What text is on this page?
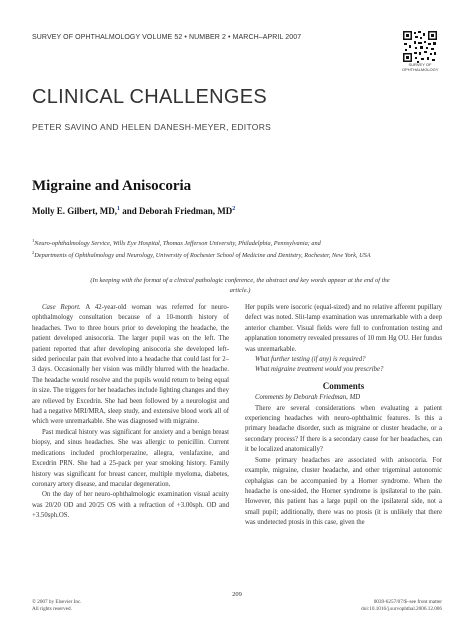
SURVEY OF OPHTHALMOLOGY VOLUME 52 • NUMBER 2 • MARCH–APRIL 2007
SURVEY OF OPHTHALMOLOGY
CLINICAL CHALLENGES
PETER SAVINO AND HELEN DANESH-MEYER, EDITORS
Migraine and Anisocoria
Molly E. Gilbert, MD,$^1$ and Deborah Friedman, $MD^2$
$^1$Neuro-ophthalmology Service, Wills Eye Hospital, Thomas Jefferson University, Philadelphia, Pennsylvania; and
$^2$Departments of Ophthalmology and Neurology, University of Rochester School of Medicine and Dentistry, Rochester, New York, USA
(In keeping with the format of a clinical pathologic conference, the abstract and key words appear at the end of the article.)

Case Report. A 42-year-old woman was referred for neuro-ophthalmology consultation because of a 10-month history of headaches. Two to three hours prior to developing the headache, the patient developed anisocoria. The larger pupil was on the left. The patient reported that after developing anisocoria she developed left-sided periocular pain that evolved into a headache that could last for 2–3 days. Occasionally her vision was mildly blurred with the headache. The headache would resolve and the pupils would return to being equal in size. The triggers for her headaches include lighting changes and they are relieved by Excedrin. She had been followed by a neurologist and had a negative MRI/MRA, sleep study, and extensive blood work all of which were unremarkable. She was diagnosed with migraine.

Past medical history was significant for anxiety and a benign breast biopsy, and sinus headaches. She was allergic to penicillin. Current medications included prochlorperazine, allegra, venlafaxine, and Excedrin PRN. She had a 25-pack per year smoking history. Family history was significant for breast cancer, multiple myeloma, diabetes, coronary artery disease, and macular degeneration.

On the day of her neuro-ophthalmologic examination visual acuity was 20/20 OD and 20/25 OS with a refraction of +3.00sph. OD and +3.50sph.OS.

Her pupils were isocoric (equal-sized) and no relative afferent pupillary defect was noted. Slit-lamp examination was unremarkable with a deep anterior chamber. Visual fields were full to confrontation testing and applanation tonometry revealed pressures of 10 mm Hg OU. Her fundus was unremarkable.

What further testing (if any) is required?

What migraine treatment would you prescribe?

Comments

Comments by Deborah Friedman, MD

There are several considerations when evaluating a patient experiencing headaches with neuro-ophthalmic features. Is this a primary headache disorder, such as migraine or cluster headache, or a secondary process? If there is a secondary cause for her headaches, can it be localized anatomically?

Some primary headaches are associated with anisocoria. For example, migraine, cluster headache, and other trigeminal autonomic cephalgias can be accompanied by a Horner syndrome. When the headache is one-sided, the Horner syndrome is ipsilateral to the pain. However, this patient has a large pupil on the ipsilateral side, not a small pupil; additionally, there was no ptosis (it is unlikely that there was undetected ptosis in this case, given the

209
© 2007 by Elsevier Inc.
All rights reserved.
0039-6257/07/$–see front matter
doi:10.1016/j.survophthal.2006.12.006
